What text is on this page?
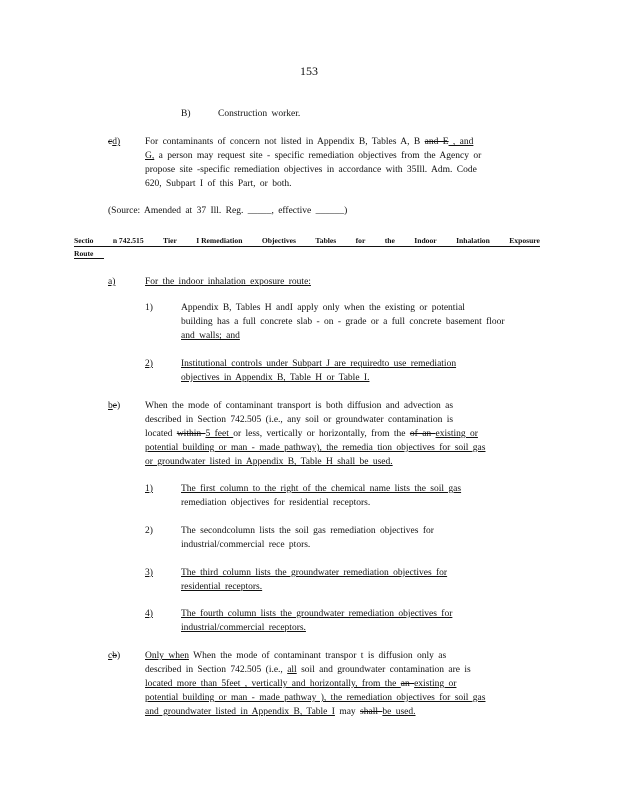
153
B)	Construction worker.
cd)	For contaminants of concern not listed in Appendix B, Tables A, B and E , and
G, a person may request site - specific remediation objectives from the Agency or
propose site -specific remediation objectives in accordance with 35Ill. Adm. Code
620, Subpart I of this Part, or both.
(Source: Amended at 37 Ill. Reg. _____, effective ______)
Sectio	n 742.515	Tier	I Remediation	Objectives	Tables	for	the	Indoor	Inhalation	Exposure
Route
a)	For the indoor inhalation exposure route:
1)	Appendix B, Tables H andI apply only when the existing or potential
building has a full concrete slab - on - grade or a full concrete basement floor
and walls; and
2)	Institutional controls under Subpart J are requiredto use remediation
objectives in Appendix B, Table H or Table I.
be)	When the mode of contaminant transport is both diffusion and advection as
described in Section 742.505 (i.e., any soil or groundwater contamination is
located within 5 feet or less, vertically or horizontally, from the of an existing or
potential building or man - made pathway), the remedia tion objectives for soil gas
or groundwater listed in Appendix B, Table H shall be used.
1)	The first column to the right of the chemical name lists the soil gas
remediation objectives for residential receptors.
2)	The secondcolumn lists the soil gas remediation objectives for
industrial/commercial rece ptors.
3)	The third column lists the groundwater remediation objectives for
residential receptors.
4)	The fourth column lists the groundwater remediation objectives for
industrial/commercial receptors.
cb)	Only when When the mode of contaminant transpor t is diffusion only as
described in Section 742.505 (i.e., all soil and groundwater contamination are is
located more than 5feet , vertically and horizontally, from the an existing or
potential building or man - made pathway ), the remediation objectives for soil gas
and groundwater listed in Appendix B, Table I may shall be used.
